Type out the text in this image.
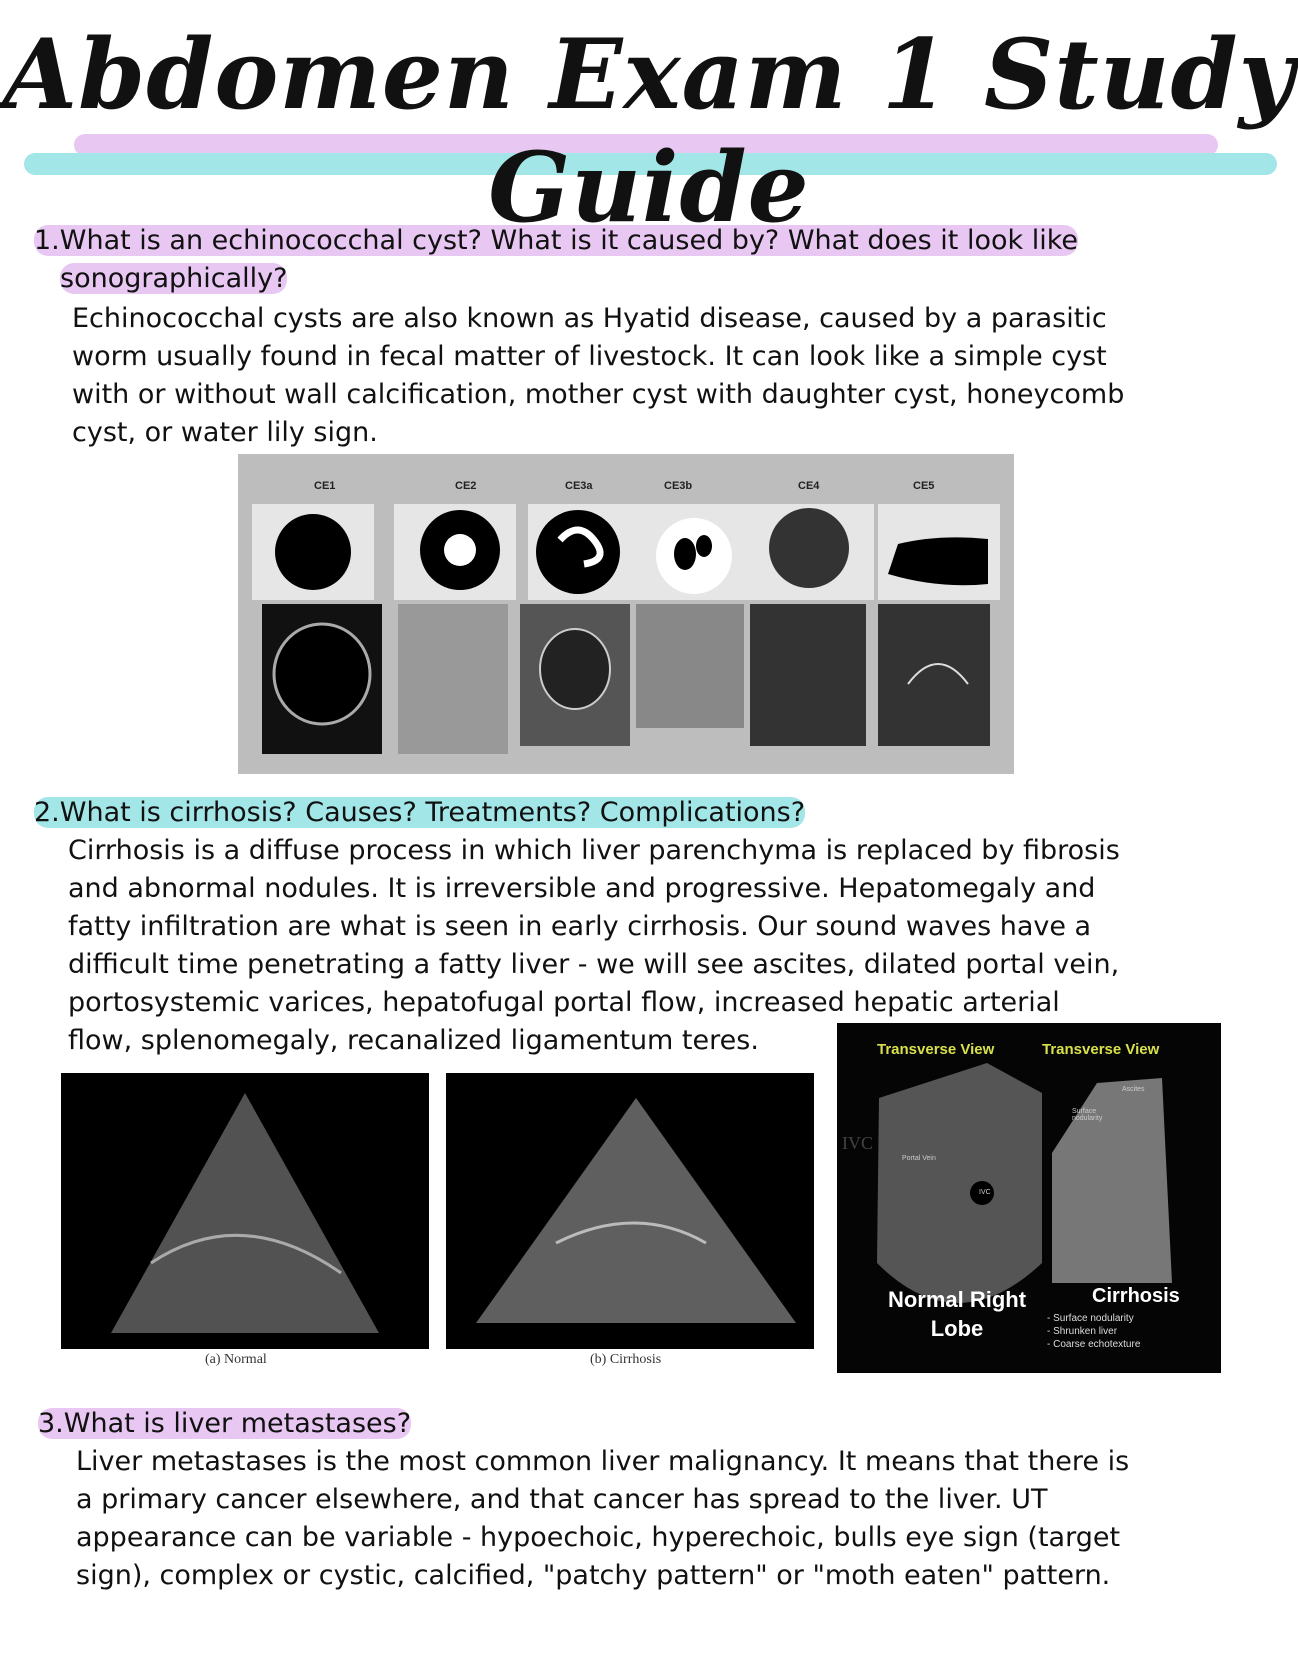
Abdomen Exam 1 Study Guide
1.What is an echinococchal cyst? What is it caused by? What does it look like
sonographically?
Echinococchal cysts are also known as Hyatid disease, caused by a parasitic
worm usually found in fecal matter of livestock. It can look like a simple cyst
with or without wall calcification, mother cyst with daughter cyst, honeycomb
cyst, or water lily sign.
CE1	CE2	CE3a	CE3b	CE4	CE5
2.What is cirrhosis? Causes? Treatments? Complications?
Cirrhosis is a diffuse process in which liver parenchyma is replaced by fibrosis
and abnormal nodules. It is irreversible and progressive. Hepatomegaly and
fatty infiltration are what is seen in early cirrhosis. Our sound waves have a
difficult time penetrating a fatty liver - we will see ascites, dilated portal vein,
portosystemic varices, hepatofugal portal flow, increased hepatic arterial
flow, splenomegaly, recanalized ligamentum teres.
(a) Normal	(b) Cirrhosis
Transverse View	Transverse View
IVC
Portal Vein
IVC
Ascites
Surface nodularity
Normal Right Lobe
Cirrhosis
- Surface nodularity
- Shrunken liver
- Coarse echotexture
3.What is liver metastases?
Liver metastases is the most common liver malignancy. It means that there is
a primary cancer elsewhere, and that cancer has spread to the liver. UT
appearance can be variable - hypoechoic, hyperechoic, bulls eye sign (target
sign), complex or cystic, calcified, "patchy pattern" or "moth eaten" pattern.
